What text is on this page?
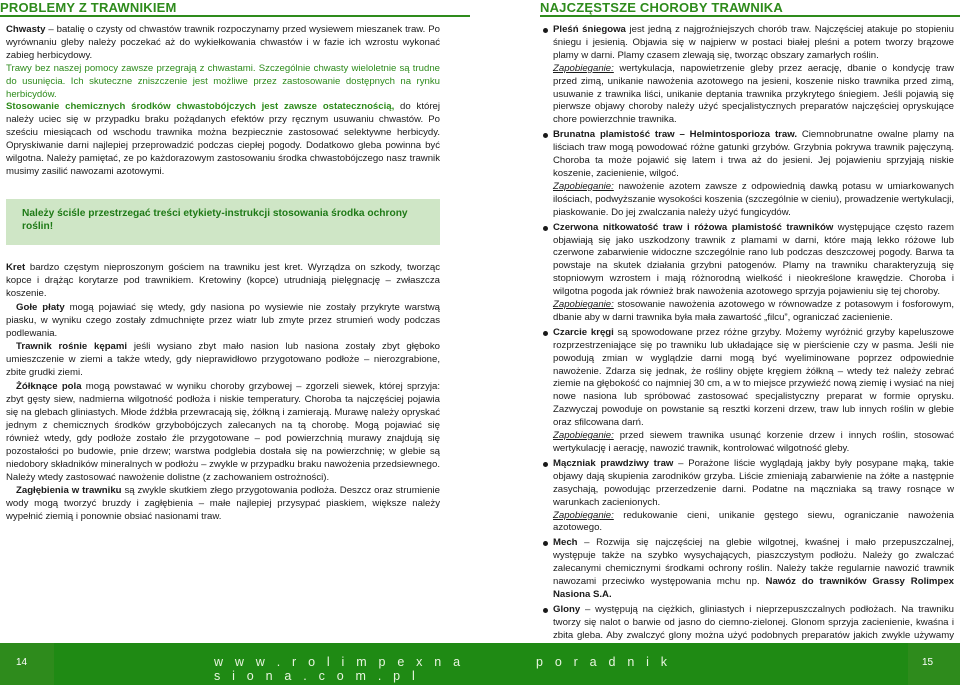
PROBLEMY Z TRAWNIKIEM

Chwasty – batalię o czysty od chwastów trawnik rozpoczynamy przed wysiewem mieszanek traw. Po wyrównaniu gleby należy poczekać aż do wykiełkowania chwastów i w fazie ich wzrostu wykonać zabieg herbicydowy.

Trawy bez naszej pomocy zawsze przegrają z chwastami. Szczególnie chwasty wieloletnie są trudne do usunięcia. Ich skuteczne zniszczenie jest możliwe przez zastosowanie dostępnych na rynku herbicydów.

Stosowanie chemicznych środków chwastobójczych jest zawsze ostatecznością, do której należy uciec się w przypadku braku pożądanych efektów przy ręcznym usuwaniu chwastów. Po sześciu miesiącach od wschodu trawnika można bezpiecznie zastosować selektywne herbicydy. Opryskiwanie darni najlepiej przeprowadzić podczas ciepłej pogody. Dodatkowo gleba powinna być wilgotna. Należy pamiętać, ze po każdorazowym zastosowaniu środka chwastobójczego nasz trawnik musimy zasilić nawozami azotowymi.

Należy ściśle przestrzegać treści etykiety-instrukcji stosowania środka ochrony roślin!

Kret bardzo częstym nieproszonym gościem na trawniku jest kret. Wyrządza on szkody, tworząc kopce i drążąc korytarze pod trawnikiem. Kretowiny (kopce) utrudniają pielęgnację – zwłaszcza koszenie.

Gołe płaty mogą pojawiać się wtedy, gdy nasiona po wysiewie nie zostały przykryte warstwą piasku, w wyniku czego zostały zdmuchnięte przez wiatr lub zmyte przez strumień wody podczas podlewania.

Trawnik rośnie kępami jeśli wysiano zbyt mało nasion lub nasiona zostały zbyt głęboko umieszczenie w ziemi a także wtedy, gdy nieprawidłowo przygotowano podłoże – nierozgrabione, zbite grudki ziemi.

Żółknące pola mogą powstawać w wyniku choroby grzybowej – zgorzeli siewek, której sprzyja: zbyt gęsty siew, nadmierna wilgotność podłoża i niskie temperatury. Choroba ta najczęściej pojawia się na glebach gliniastych. Młode źdźbła przewracają się, żółkną i zamierają. Murawę należy opryskać jednym z chemicznych środków grzybobójczych zalecanych na tą chorobę. Mogą pojawiać się również wtedy, gdy podłoże zostało źle przygotowane – pod powierzchnią murawy znajdują się pozostałości po budowie, pnie drzew; warstwa podglebia dostała się na powierzchnię; w glebie są niedobory składników mineralnych w podłożu – zwykle w przypadku braku nawożenia przedsiewnego. Należy wtedy zastosować nawożenie dolistne (z zachowaniem ostrożności).

Zagłębienia w trawniku są zwykle skutkiem złego przygotowania podłoża. Deszcz oraz strumienie wody mogą tworzyć bruzdy i zagłębienia – małe najlepiej przysypać piaskiem, większe należy wypełnić ziemią i ponownie obsiać nasionami traw.

NAJCZĘSTSZE CHOROBY TRAWNIKA
Pleśń śniegowa jest jedną z najgroźniejszych chorób traw. Najczęściej atakuje po stopieniu śniegu i jesienią. Objawia się w najpierw w postaci białej pleśni a potem tworzy brązowe plamy w darni. Plamy czasem zlewają się, tworząc obszary zamarłych roślin.
Zapobieganie: wertykulacja, napowietrzenie gleby przez aerację, dbanie o kondycję traw przed zimą, unikanie nawożenia azotowego na jesieni, koszenie nisko trawnika przed zimą, usuwanie z trawnika liści, unikanie deptania trawnika przykrytego śniegiem. Jeśli pojawią się pierwsze objawy choroby należy użyć specjalistycznych preparatów najczęściej opryskujące chore powierzchnie trawnika.
Brunatna plamistość traw – Helmintosporioza traw. Ciemnobrunatne owalne plamy na liściach traw mogą powodować różne gatunki grzybów. Grzybnia pokrywa trawnik pajęczyną. Choroba ta może pojawić się latem i trwa aż do jesieni. Jej pojawieniu sprzyjają niskie koszenie, zacienienie, wilgoć.
Zapobieganie: nawożenie azotem zawsze z odpowiednią dawką potasu w umiarkowanych ilościach, podwyższanie wysokości koszenia (szczególnie w cieniu), prowadzenie wertykulacji, piaskowanie. Do jej zwalczania należy użyć fungicydów.
Czerwona nitkowatość traw i różowa plamistość trawników występujące często razem objawiają się jako uszkodzony trawnik z plamami w darni, które mają lekko różowe lub czerwone zabarwienie widoczne szczególnie rano lub podczas deszczowej pogody. Barwa ta powstaje na skutek działania grzybni patogenów. Plamy na trawniku charakteryzują się stopniowym wzrostem i mają różnorodną wielkość i nieokreślone krawędzie. Choroba i wilgotna pogoda jak również brak nawożenia azotowego sprzyja pojawieniu się tej choroby.
Zapobieganie: stosowanie nawożenia azotowego w równowadze z potasowym i fosforowym, dbanie aby w darni trawnika była mała zawartość „filcu”, ograniczać zacienienie.
Czarcie kręgi są spowodowane przez różne grzyby. Możemy wyróżnić grzyby kapeluszowe rozprzestrzeniające się po trawniku lub układające się w pierścienie czy w pasma. Jeśli nie powodują zmian w wyglądzie darni mogą być wyeliminowane poprzez odpowiednie nawożenie. Zdarza się jednak, że rośliny objęte kręgiem żółkną – wtedy też należy zebrać ziemie na głębokość co najmniej 30 cm, a w to miejsce przywieźć nową ziemię i wysiać na niej nowe nasiona lub spróbować zastosować specjalistyczny preparat w formie oprysku. Zazwyczaj powoduje on powstanie są resztki korzeni drzew, traw lub innych roślin w glebie oraz sfilcowana darń.
Zapobieganie: przed siewem trawnika usunąć korzenie drzew i innych roślin, stosować wertykulację i aerację, nawozić trawnik, kontrolować wilgotność gleby.
Mączniak prawdziwy traw – Porażone liście wyglądają jakby były posypane mąką, takie objawy dają skupienia zarodników grzyba. Liście zmieniają zabarwienie na żółte a następnie zasychają, powodując przerzedzenie darni. Podatne na mączniaka są trawy rosnące w warunkach zacienionych.
Zapobieganie: redukowanie cieni, unikanie gęstego siewu, ograniczanie nawożenia azotowego.
Mech – Rozwija się najczęściej na glebie wilgotnej, kwaśnej i mało przepuszczalnej, występuje także na szybko wysychających, piaszczystym podłożu. Należy go zwalczać zalecanymi chemicznymi środkami ochrony roślin. Należy także regularnie nawozić trawnik nawozami przeciwko występowania mchu np. Nawóz do trawników Grassy Rolimpex Nasiona S.A.
Glony – występują na ciężkich, gliniastych i nieprzepuszczalnych podłożach. Na trawniku tworzy się nalot o barwie od jasno do ciemno-zielonej. Glonom sprzyja zacienienie, kwaśna i zbita gleba. Aby zwalczyć glony można użyć podobnych preparatów jakich zwykle używamy
14	w w w . r o l i m p e x n a s i o n a . c o m . p l
p o r a d n i k	15
